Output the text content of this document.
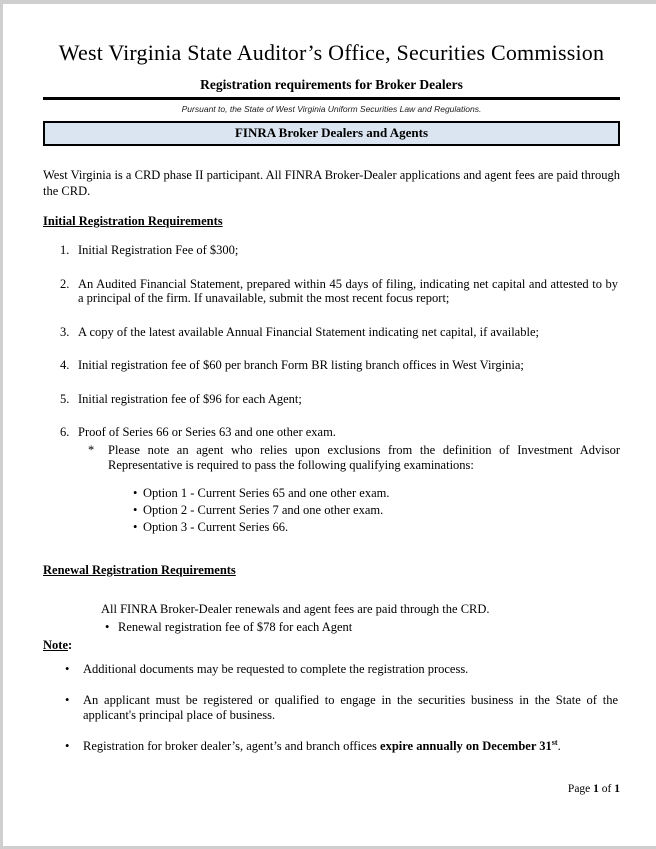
West Virginia State Auditor’s Office, Securities Commission
Registration requirements for Broker Dealers
Pursuant to, the State of West Virginia Uniform Securities Law and Regulations.
FINRA Broker Dealers and Agents

West Virginia is a CRD phase II participant. All FINRA Broker-Dealer applications and agent fees are paid through the CRD.

Initial Registration Requirements
1. Initial Registration Fee of $300;
2. An Audited Financial Statement, prepared within 45 days of filing, indicating net capital and attested to by a principal of the firm. If unavailable, submit the most recent focus report;
3. A copy of the latest available Annual Financial Statement indicating net capital, if available;
4. Initial registration fee of $60 per branch Form BR listing branch offices in West Virginia;
5. Initial registration fee of $96 for each Agent;
6. Proof of Series 66 or Series 63 and one other exam.
*	Please note an agent who relies upon exclusions from the definition of Investment Advisor Representative is required to pass the following qualifying examinations:
• Option 1 - Current Series 65 and one other exam.
• Option 2 - Current Series 7 and one other exam.
• Option 3 - Current Series 66.
Renewal Registration Requirements
All FINRA Broker-Dealer renewals and agent fees are paid through the CRD.
• Renewal registration fee of $78 for each Agent
Note:
•	Additional documents may be requested to complete the registration process.
•	An applicant must be registered or qualified to engage in the securities business in the State of the applicant's principal place of business.
•	Registration for broker dealer’s, agent’s and branch offices expire annually on December 31st.
Page 1 of 1
